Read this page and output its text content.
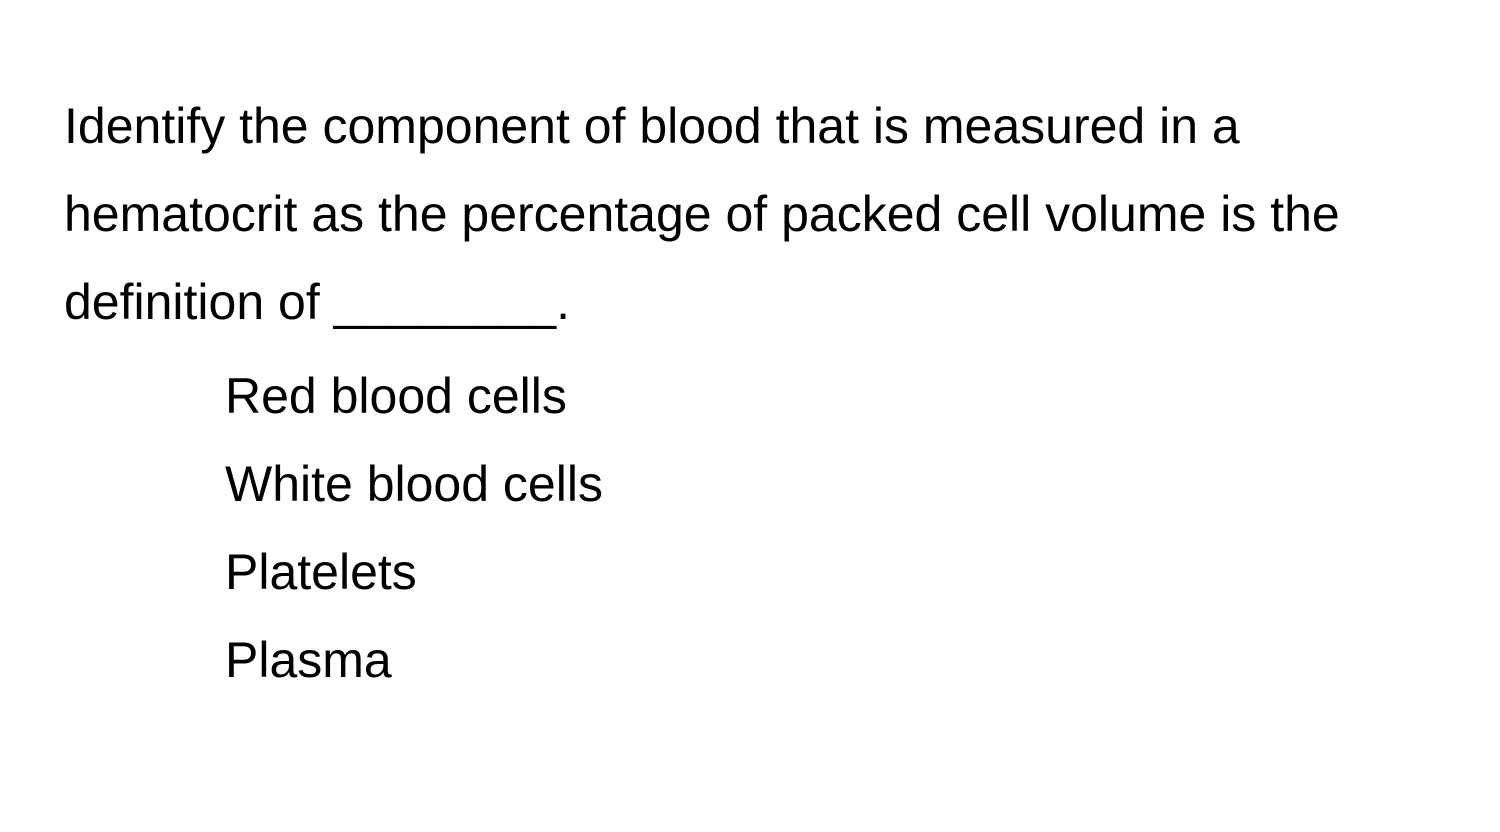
Identify the component of blood that is measured in a hematocrit as the percentage of packed cell volume is the definition of ________.

Red blood cells
White blood cells
Platelets
Plasma
